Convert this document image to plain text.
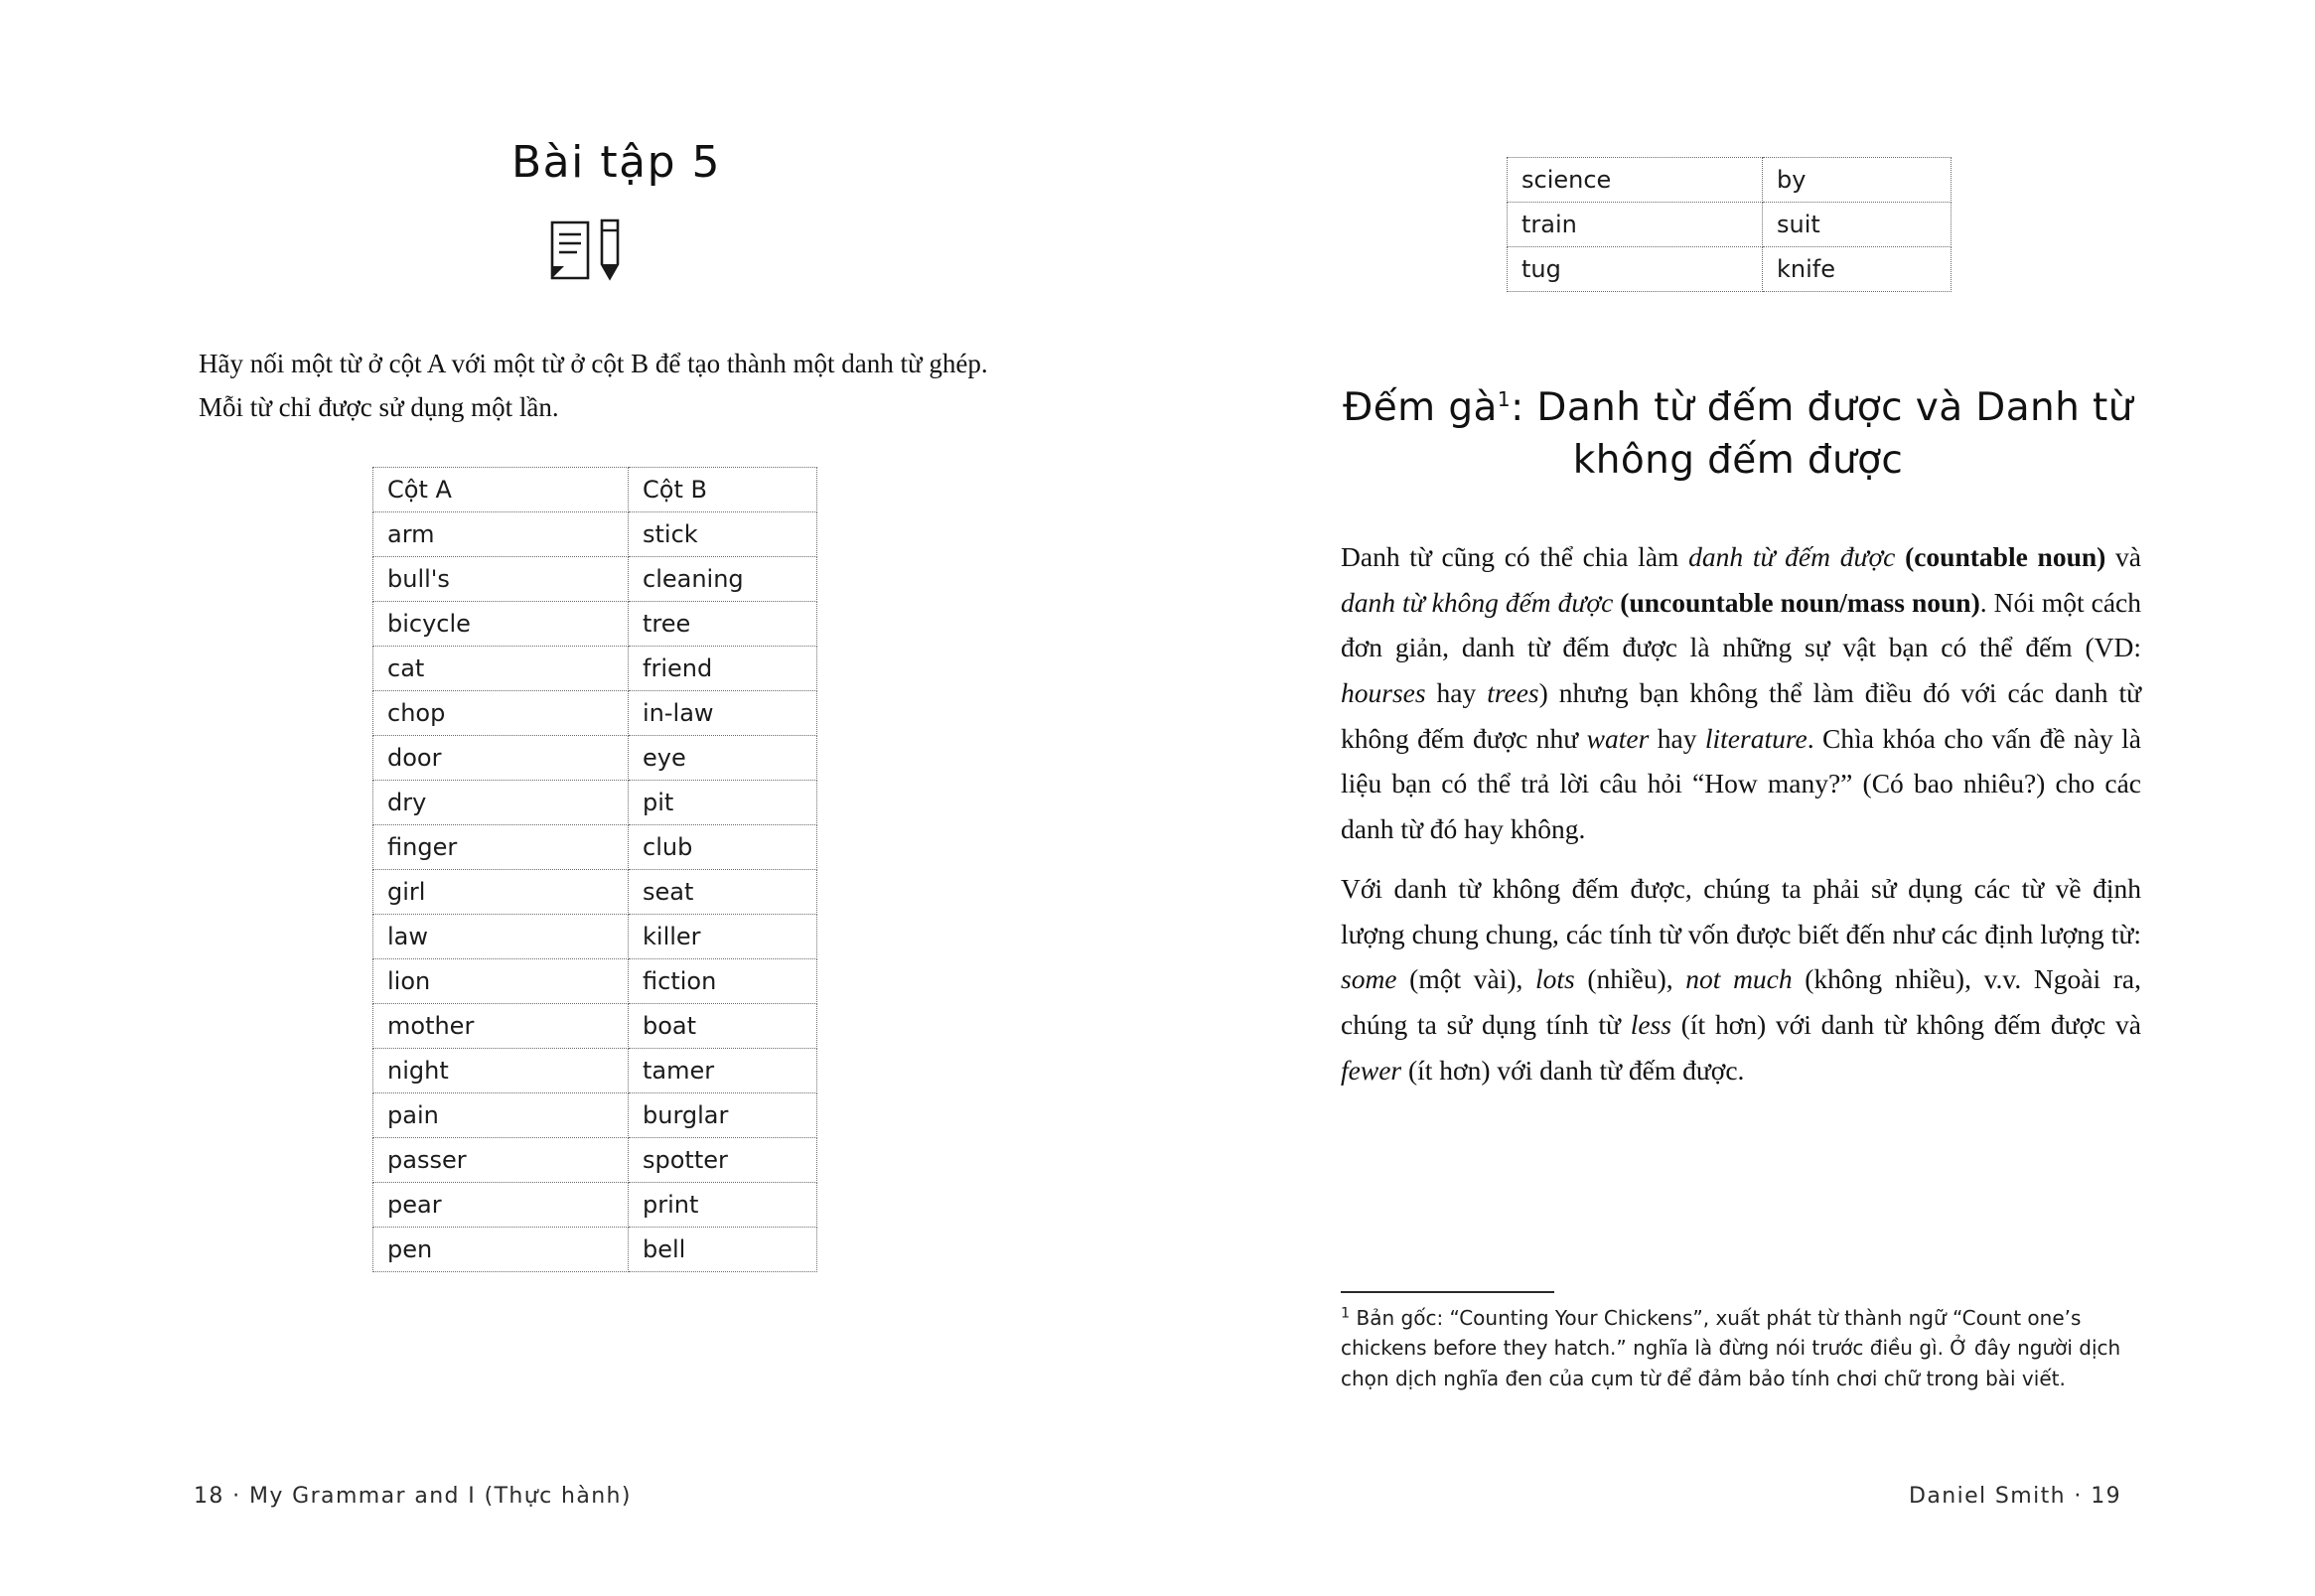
Bài tập 5
Hãy nối một từ ở cột A với một từ ở cột B để tạo thành một danh từ ghép. Mỗi từ chỉ được sử dụng một lần.
Cột A	Cột B
arm	stick
bull's	cleaning
bicycle	tree
cat	friend
chop	in-law
door	eye
dry	pit
finger	club
girl	seat
law	killer
lion	fiction
mother	boat
night	tamer
pain	burglar
passer	spotter
pear	print
pen	bell
18 · My Grammar and I (Thực hành)
science	by
train	suit
tug	knife
Đếm $gà^1$: Danh từ đếm được và Danh từ không đếm được
Danh từ cũng có thể chia làm danh từ đếm được (countable noun) và danh từ không đếm được (uncountable noun/mass noun). Nói một cách đơn giản, danh từ đếm được là những sự vật bạn có thể đếm (VD: hourses hay trees) nhưng bạn không thể làm điều đó với các danh từ không đếm được như water hay literature. Chìa khóa cho vấn đề này là liệu bạn có thể trả lời câu hỏi “How many?” (Có bao nhiêu?) cho các danh từ đó hay không.
Với danh từ không đếm được, chúng ta phải sử dụng các từ về định lượng chung chung, các tính từ vốn được biết đến như các định lượng từ: some (một vài), lots (nhiều), not much (không nhiều), v.v. Ngoài ra, chúng ta sử dụng tính từ less (ít hơn) với danh từ không đếm được và fewer (ít hơn) với danh từ đếm được.
$^1$ Bản gốc: “Counting Your Chickens”, xuất phát từ thành ngữ “Count one’s chickens before they hatch.” nghĩa là đừng nói trước điều gì. Ở đây người dịch chọn dịch nghĩa đen của cụm từ để đảm bảo tính chơi chữ trong bài viết.
Daniel Smith · 19
